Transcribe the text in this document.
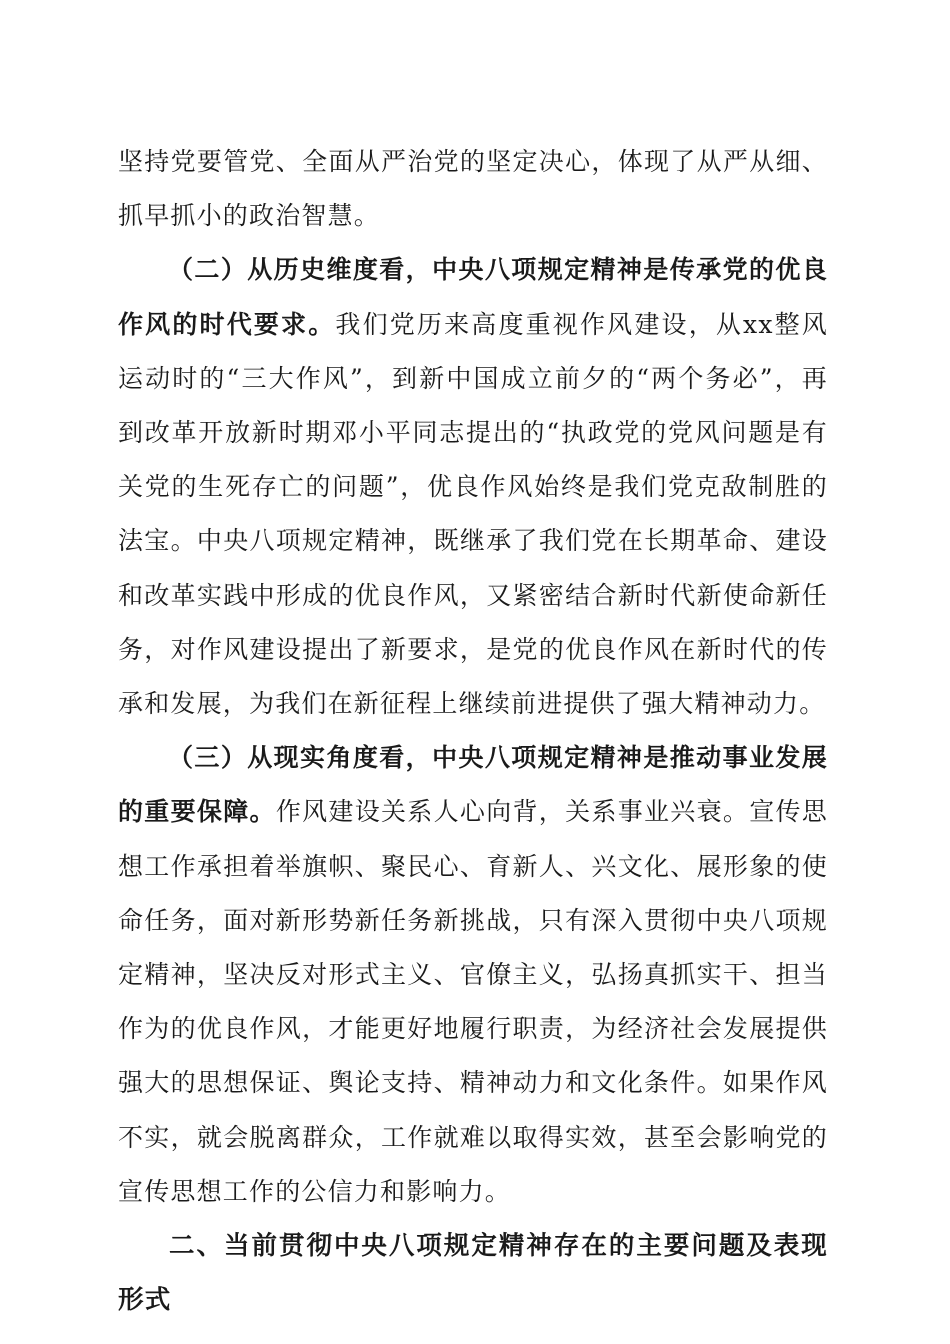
坚持党要管党、全面从严治党的坚定决心，体现了从严从细、抓早抓小的政治智慧。

（二）从历史维度看，中央八项规定精神是传承党的优良作风的时代要求。我们党历来高度重视作风建设，从xx整风运动时的“三大作风”，到新中国成立前夕的“两个务必”，再到改革开放新时期邓小平同志提出的“执政党的党风问题是有关党的生死存亡的问题”，优良作风始终是我们党克敌制胜的法宝。中央八项规定精神，既继承了我们党在长期革命、建设和改革实践中形成的优良作风，又紧密结合新时代新使命新任务，对作风建设提出了新要求，是党的优良作风在新时代的传承和发展，为我们在新征程上继续前进提供了强大精神动力。

（三）从现实角度看，中央八项规定精神是推动事业发展的重要保障。作风建设关系人心向背，关系事业兴衰。宣传思想工作承担着举旗帜、聚民心、育新人、兴文化、展形象的使命任务，面对新形势新任务新挑战，只有深入贯彻中央八项规定精神，坚决反对形式主义、官僚主义，弘扬真抓实干、担当作为的优良作风，才能更好地履行职责，为经济社会发展提供强大的思想保证、舆论支持、精神动力和文化条件。如果作风不实，就会脱离群众，工作就难以取得实效，甚至会影响党的宣传思想工作的公信力和影响力。

二、当前贯彻中央八项规定精神存在的主要问题及表现形式
